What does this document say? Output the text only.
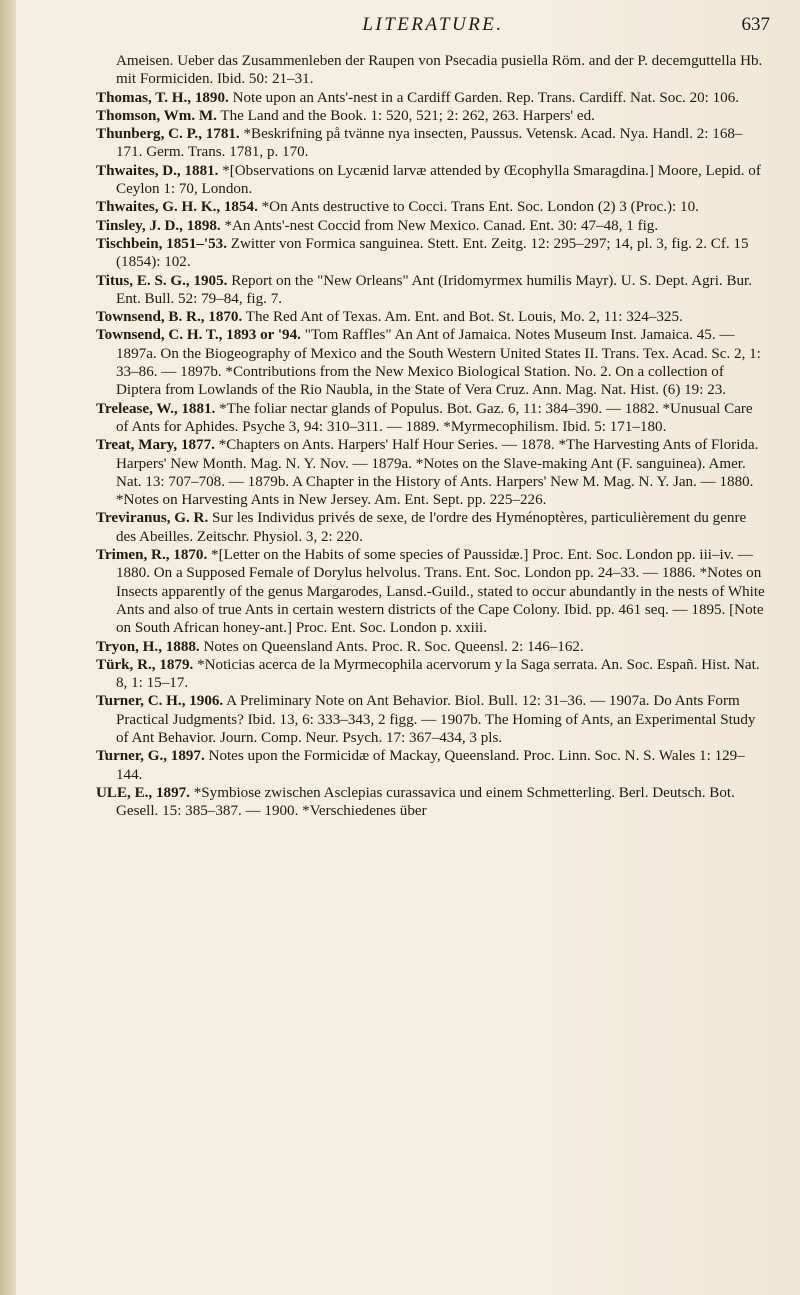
LITERATURE.	637

Ameisen. Ueber das Zusammenleben der Raupen von Psecadia pusiella Röm. and der P. decemguttella Hb. mit Formiciden. Ibid. 50: 21–31.

Thomas, T. H., 1890. Note upon an Ants'-nest in a Cardiff Garden. Rep. Trans. Cardiff. Nat. Soc. 20: 106.

Thomson, Wm. M. The Land and the Book. 1: 520, 521; 2: 262, 263. Harpers' ed.

Thunberg, C. P., 1781. *Beskrifning på tvänne nya insecten, Paussus. Vetensk. Acad. Nya. Handl. 2: 168–171. Germ. Trans. 1781, p. 170.

Thwaites, D., 1881. *[Observations on Lycænid larvæ attended by Œcophylla Smaragdina.] Moore, Lepid. of Ceylon 1: 70, London.

Thwaites, G. H. K., 1854. *On Ants destructive to Cocci. Trans Ent. Soc. London (2) 3 (Proc.): 10.

Tinsley, J. D., 1898. *An Ants'-nest Coccid from New Mexico. Canad. Ent. 30: 47–48, 1 fig.

Tischbein, 1851–'53. Zwitter von Formica sanguinea. Stett. Ent. Zeitg. 12: 295–297; 14, pl. 3, fig. 2. Cf. 15 (1854): 102.

Titus, E. S. G., 1905. Report on the "New Orleans" Ant (Iridomyrmex humilis Mayr). U. S. Dept. Agri. Bur. Ent. Bull. 52: 79–84, fig. 7.

Townsend, B. R., 1870. The Red Ant of Texas. Am. Ent. and Bot. St. Louis, Mo. 2, 11: 324–325.

Townsend, C. H. T., 1893 or '94. "Tom Raffles" An Ant of Jamaica. Notes Museum Inst. Jamaica. 45. — 1897a. On the Biogeography of Mexico and the South Western United States II. Trans. Tex. Acad. Sc. 2, 1: 33–86. — 1897b. *Contributions from the New Mexico Biological Station. No. 2. On a collection of Diptera from Lowlands of the Rio Naubla, in the State of Vera Cruz. Ann. Mag. Nat. Hist. (6) 19: 23.

Trelease, W., 1881. *The foliar nectar glands of Populus. Bot. Gaz. 6, 11: 384–390. — 1882. *Unusual Care of Ants for Aphides. Psyche 3, 94: 310–311. — 1889. *Myrmecophilism. Ibid. 5: 171–180.

Treat, Mary, 1877. *Chapters on Ants. Harpers' Half Hour Series. — 1878. *The Harvesting Ants of Florida. Harpers' New Month. Mag. N. Y. Nov. — 1879a. *Notes on the Slave-making Ant (F. sanguinea). Amer. Nat. 13: 707–708. — 1879b. A Chapter in the History of Ants. Harpers' New M. Mag. N. Y. Jan. — 1880. *Notes on Harvesting Ants in New Jersey. Am. Ent. Sept. pp. 225–226.

Treviranus, G. R. Sur les Individus privés de sexe, de l'ordre des Hyménoptères, particulièrement du genre des Abeilles. Zeitschr. Physiol. 3, 2: 220.

Trimen, R., 1870. *[Letter on the Habits of some species of Paussidæ.] Proc. Ent. Soc. London pp. iii–iv. — 1880. On a Supposed Female of Dorylus helvolus. Trans. Ent. Soc. London pp. 24–33. — 1886. *Notes on Insects apparently of the genus Margarodes, Lansd.-Guild., stated to occur abundantly in the nests of White Ants and also of true Ants in certain western districts of the Cape Colony. Ibid. pp. 461 seq. — 1895. [Note on South African honey-ant.] Proc. Ent. Soc. London p. xxiii.

Tryon, H., 1888. Notes on Queensland Ants. Proc. R. Soc. Queensl. 2: 146–162.

Türk, R., 1879. *Noticias acerca de la Myrmecophila acervorum y la Saga serrata. An. Soc. Españ. Hist. Nat. 8, 1: 15–17.

Turner, C. H., 1906. A Preliminary Note on Ant Behavior. Biol. Bull. 12: 31–36. — 1907a. Do Ants Form Practical Judgments? Ibid. 13, 6: 333–343, 2 figg. — 1907b. The Homing of Ants, an Experimental Study of Ant Behavior. Journ. Comp. Neur. Psych. 17: 367–434, 3 pls.

Turner, G., 1897. Notes upon the Formicidæ of Mackay, Queensland. Proc. Linn. Soc. N. S. Wales 1: 129–144.

ULE, E., 1897. *Symbiose zwischen Asclepias curassavica und einem Schmetterling. Berl. Deutsch. Bot. Gesell. 15: 385–387. — 1900. *Verschiedenes über
